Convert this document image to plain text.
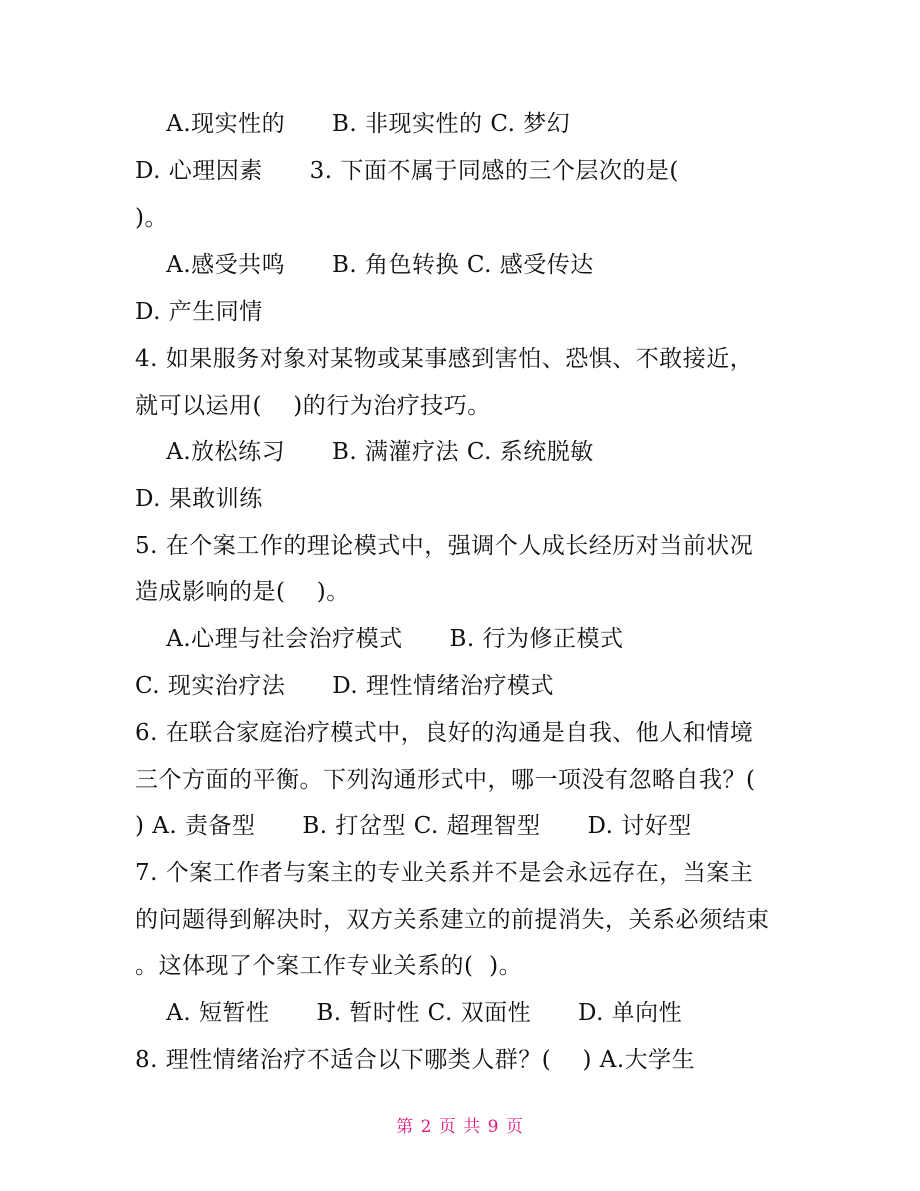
A.现实性的      B. 非现实性的 C. 梦幻
D. 心理因素      3. 下面不属于同感的三个层次的是(
)。
A.感受共鸣      B. 角色转换 C. 感受传达
D. 产生同情
4. 如果服务对象对某物或某事感到害怕、恐惧、不敢接近，
就可以运用(    )的行为治疗技巧。
A.放松练习      B. 满灌疗法 C. 系统脱敏
D. 果敢训练
5. 在个案工作的理论模式中，强调个人成长经历对当前状况
造成影响的是(    )。
A.心理与社会治疗模式      B. 行为修正模式
C. 现实治疗法      D. 理性情绪治疗模式
6. 在联合家庭治疗模式中，良好的沟通是自我、他人和情境
三个方面的平衡。下列沟通形式中，哪一项没有忽略自我？(
) A. 责备型      B. 打岔型 C. 超理智型      D. 讨好型
7. 个案工作者与案主的专业关系并不是会永远存在，当案主
的问题得到解决时，双方关系建立的前提消失，关系必须结束
。这体现了个案工作专业关系的(  )。
A. 短暂性      B. 暂时性 C. 双面性      D. 单向性
8. 理性情绪治疗不适合以下哪类人群？(    ) A.大学生
第 2 页 共 9 页
